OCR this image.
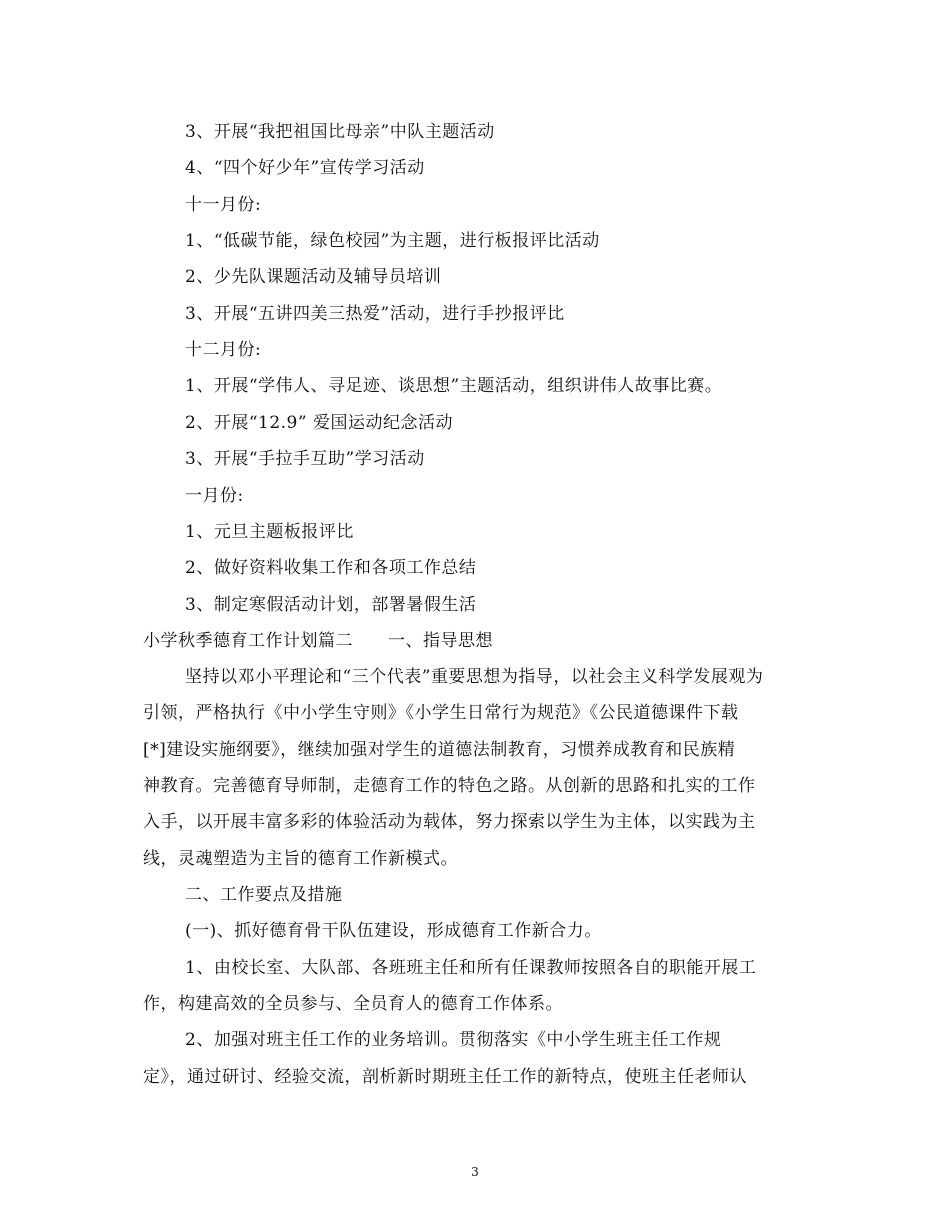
3、开展“我把祖国比母亲”中队主题活动
4、“四个好少年”宣传学习活动
十一月份:
1、“低碳节能，绿色校园”为主题，进行板报评比活动
2、少先队课题活动及辅导员培训
3、开展“五讲四美三热爱”活动，进行手抄报评比
十二月份:
1、开展“学伟人、寻足迹、谈思想”主题活动，组织讲伟人故事比赛。
2、开展“12.9” 爱国运动纪念活动
3、开展“手拉手互助”学习活动
一月份:
1、元旦主题板报评比
2、做好资料收集工作和各项工作总结
3、制定寒假活动计划，部署暑假生活
小学秋季德育工作计划篇二　　一、指导思想
坚持以邓小平理论和“三个代表”重要思想为指导，以社会主义科学发展观为
引领，严格执行《中小学生守则》《小学生日常行为规范》《公民道德课件下载
[*]建设实施纲要》，继续加强对学生的道德法制教育，习惯养成教育和民族精
神教育。完善德育导师制，走德育工作的特色之路。从创新的思路和扎实的工作
入手，以开展丰富多彩的体验活动为载体，努力探索以学生为主体，以实践为主
线，灵魂塑造为主旨的德育工作新模式。
二、工作要点及措施
(一)、抓好德育骨干队伍建设，形成德育工作新合力。
1、由校长室、大队部、各班班主任和所有任课教师按照各自的职能开展工
作，构建高效的全员参与、全员育人的德育工作体系。
2、加强对班主任工作的业务培训。贯彻落实《中小学生班主任工作规
定》，通过研讨、经验交流，剖析新时期班主任工作的新特点，使班主任老师认
3
